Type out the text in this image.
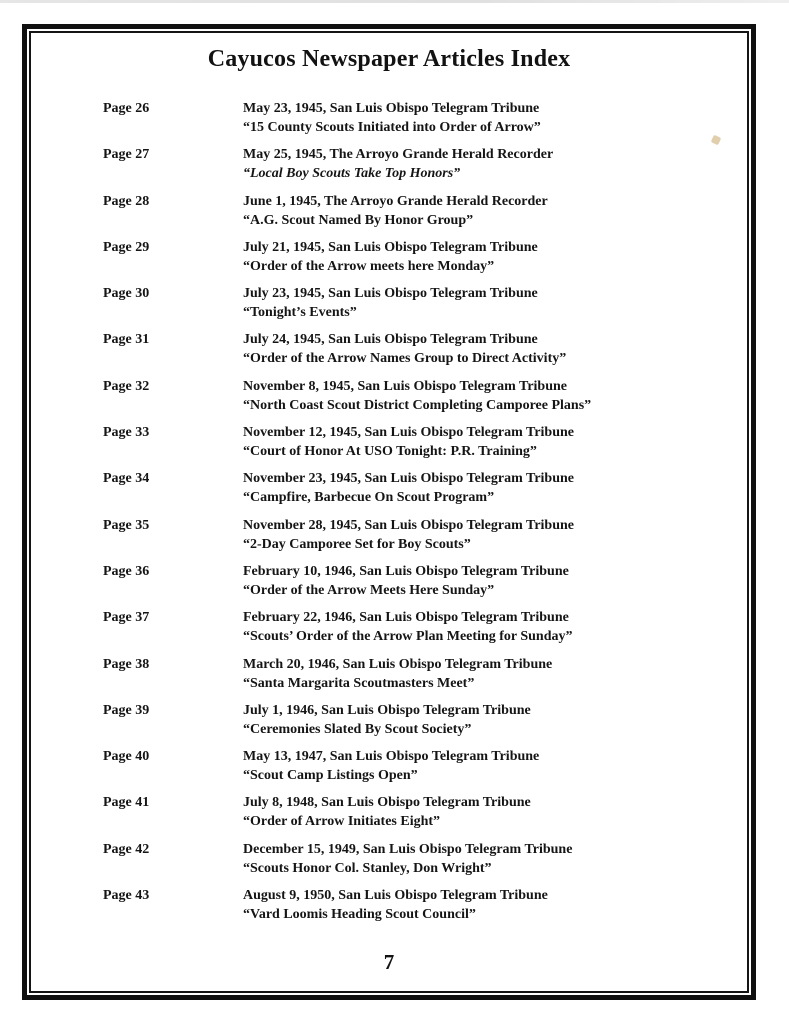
Cayucos Newspaper Articles Index
Page 26	May 23, 1945, San Luis Obispo Telegram Tribune
“15 County Scouts Initiated into Order of Arrow”
Page 27	May 25, 1945, The Arroyo Grande Herald Recorder
“Local Boy Scouts Take Top Honors”
Page 28	June 1, 1945, The Arroyo Grande Herald Recorder
“A.G. Scout Named By Honor Group”
Page 29	July 21, 1945, San Luis Obispo Telegram Tribune
“Order of the Arrow meets here Monday”
Page 30	July 23, 1945, San Luis Obispo Telegram Tribune
“Tonight’s Events”
Page 31	July 24, 1945, San Luis Obispo Telegram Tribune
“Order of the Arrow Names Group to Direct Activity”
Page 32	November 8, 1945, San Luis Obispo Telegram Tribune
“North Coast Scout District Completing Camporee Plans”
Page 33	November 12, 1945, San Luis Obispo Telegram Tribune
“Court of Honor At USO Tonight: P.R. Training”
Page 34	November 23, 1945, San Luis Obispo Telegram Tribune
“Campfire, Barbecue On Scout Program”
Page 35	November 28, 1945, San Luis Obispo Telegram Tribune
“2-Day Camporee Set for Boy Scouts”
Page 36	February 10, 1946, San Luis Obispo Telegram Tribune
“Order of the Arrow Meets Here Sunday”
Page 37	February 22, 1946, San Luis Obispo Telegram Tribune
“Scouts’ Order of the Arrow Plan Meeting for Sunday”
Page 38	March 20, 1946, San Luis Obispo Telegram Tribune
“Santa Margarita Scoutmasters Meet”
Page 39	July 1, 1946, San Luis Obispo Telegram Tribune
“Ceremonies Slated By Scout Society”
Page 40	May 13, 1947, San Luis Obispo Telegram Tribune
“Scout Camp Listings Open”
Page 41	July 8, 1948, San Luis Obispo Telegram Tribune
“Order of Arrow Initiates Eight”
Page 42	December 15, 1949, San Luis Obispo Telegram Tribune
“Scouts Honor Col. Stanley, Don Wright”
Page 43	August 9, 1950, San Luis Obispo Telegram Tribune
“Vard Loomis Heading Scout Council”
7
